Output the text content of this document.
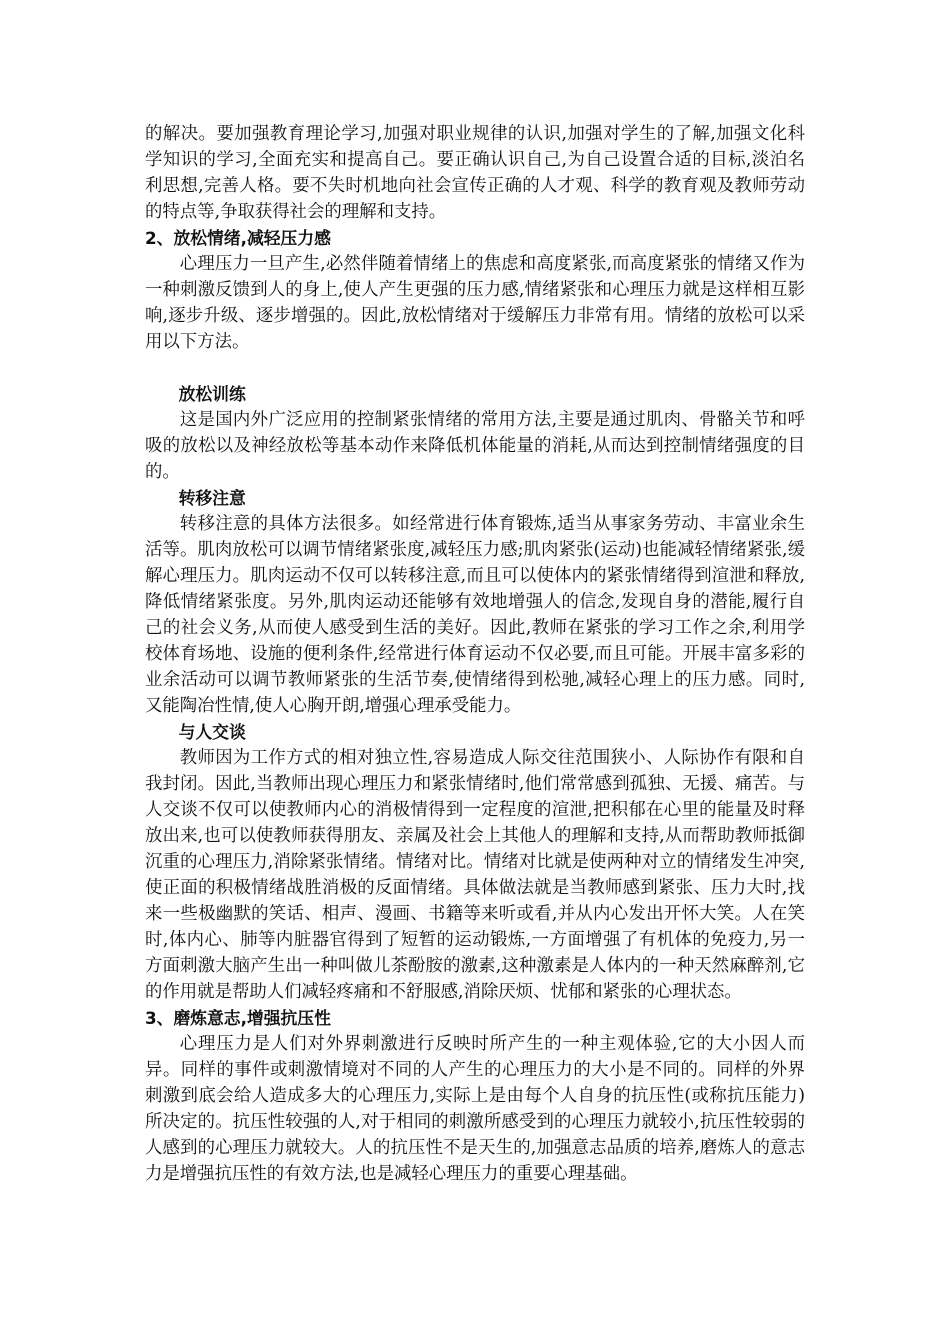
的解决。要加强教育理论学习,加强对职业规律的认识,加强对学生的了解,加强文化科学知识的学习,全面充实和提高自己。要正确认识自己,为自己设置合适的目标,淡泊名利思想,完善人格。要不失时机地向社会宣传正确的人才观、科学的教育观及教师劳动的特点等,争取获得社会的理解和支持。

2、放松情绪,减轻压力感

心理压力一旦产生,必然伴随着情绪上的焦虑和高度紧张,而高度紧张的情绪又作为一种刺激反馈到人的身上,使人产生更强的压力感,情绪紧张和心理压力就是这样相互影响,逐步升级、逐步增强的。因此,放松情绪对于缓解压力非常有用。情绪的放松可以采用以下方法。

放松训练

这是国内外广泛应用的控制紧张情绪的常用方法,主要是通过肌肉、骨骼关节和呼吸的放松以及神经放松等基本动作来降低机体能量的消耗,从而达到控制情绪强度的目的。

转移注意

转移注意的具体方法很多。如经常进行体育锻炼,适当从事家务劳动、丰富业余生活等。肌肉放松可以调节情绪紧张度,减轻压力感;肌肉紧张(运动)也能减轻情绪紧张,缓解心理压力。肌肉运动不仅可以转移注意,而且可以使体内的紧张情绪得到渲泄和释放,降低情绪紧张度。另外,肌肉运动还能够有效地增强人的信念,发现自身的潜能,履行自己的社会义务,从而使人感受到生活的美好。因此,教师在紧张的学习工作之余,利用学校体育场地、设施的便利条件,经常进行体育运动不仅必要,而且可能。开展丰富多彩的业余活动可以调节教师紧张的生活节奏,使情绪得到松驰,减轻心理上的压力感。同时,又能陶冶性情,使人心胸开朗,增强心理承受能力。

与人交谈

教师因为工作方式的相对独立性,容易造成人际交往范围狭小、人际协作有限和自我封闭。因此,当教师出现心理压力和紧张情绪时,他们常常感到孤独、无援、痛苦。与人交谈不仅可以使教师内心的消极情得到一定程度的渲泄,把积郁在心里的能量及时释放出来,也可以使教师获得朋友、亲属及社会上其他人的理解和支持,从而帮助教师抵御沉重的心理压力,消除紧张情绪。情绪对比。情绪对比就是使两种对立的情绪发生冲突,使正面的积极情绪战胜消极的反面情绪。具体做法就是当教师感到紧张、压力大时,找来一些极幽默的笑话、相声、漫画、书籍等来听或看,并从内心发出开怀大笑。人在笑时,体内心、肺等内脏器官得到了短暂的运动锻炼,一方面增强了有机体的免疫力,另一方面刺激大脑产生出一种叫做儿茶酚胺的激素,这种激素是人体内的一种天然麻醉剂,它的作用就是帮助人们减轻疼痛和不舒服感,消除厌烦、忧郁和紧张的心理状态。

3、磨炼意志,增强抗压性

心理压力是人们对外界刺激进行反映时所产生的一种主观体验,它的大小因人而异。同样的事件或刺激情境对不同的人产生的心理压力的大小是不同的。同样的外界刺激到底会给人造成多大的心理压力,实际上是由每个人自身的抗压性(或称抗压能力)所决定的。抗压性较强的人,对于相同的刺激所感受到的心理压力就较小,抗压性较弱的人感到的心理压力就较大。人的抗压性不是天生的,加强意志品质的培养,磨炼人的意志力是增强抗压性的有效方法,也是减轻心理压力的重要心理基础。
